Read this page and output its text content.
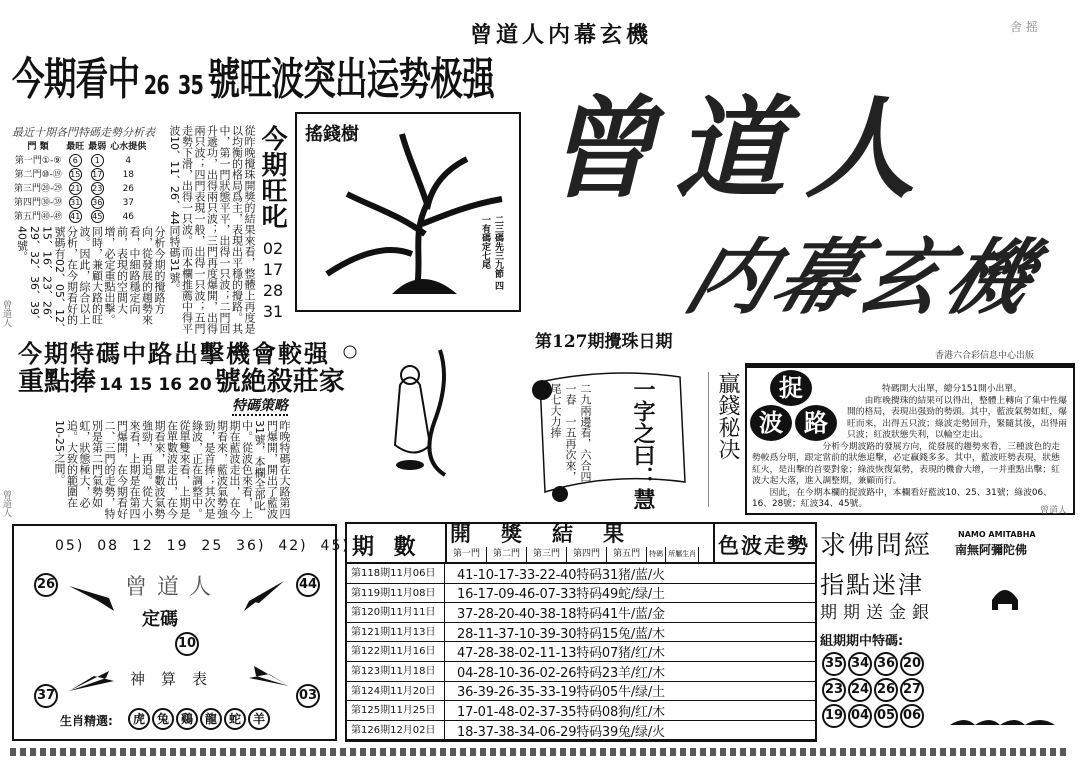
曾道人内幕玄機	舍 摇
今期看中 26 35 號旺波突出运势极强
最近十期各門特碼走勢分析表
門 類	最旺	最弱	心水提供
第一門①-⑨	6	1	4
第二門⑩-⑲	15	17	18
第三門⑳-㉙	21	23	26
第四門㉚-㊴	31	36	37
第五門㊵-㊾	41	45	46	從昨晚攪珠開獎的結果來看，整體上再度是以均衡的格局爲主，表現出平穩的攪路。其中，第一門狀態平平，出得一只波；二門回升遞功，出得兩只波；三門再度爆開，出得兩只波；四門表現一般，出得一只波；五門走勢下滑，出得一只波。而本欄推薦中得平波10、11、26、44同特碼31號。
分析今期的攪路方向，從發展的趨勢來看，中細路穩定向前，表現的空間大增，必定重點出擊。同時，兼顧大路的旺波。因此，綜合以上分析，在今期看好的號碼有02、05、12、15、16、23、26、29、32、36、39、40號。
曾道人
今期旺叱
02
17
28
31
搖錢樹
二三碼先三九節 四一有碼定七尾
曾道人
内幕玄機
第127期攪珠日期
香港六合彩信息中心出版
今期特碼中路出擊機會較强
重點捧 14 15 16 20 號絶殺莊家
特碼策略
昨晚特碼在大路第四門爆開，開出了藍波31號，本欄全部叱中。從波色來看，上期在藍波走出，在今期看來，藍波氣勢強勁，是首捧；其次是綠波，正在調整中。從單雙來看，上期是在單數波走出，在今期看來，單數波氣勢強勁，再追。從大小來看，上期是在第四門爆開，在今期看好二、三門的走勢，特別是第二門氣勢如虹，狀態極大，必追。大致的範圍在10-25之間。
曾道人
二九兩邊看，六合四一春　一五再次來，尾七大力捧	一字之曰：慧	贏錢秘决	捉
波 路

特碼開大出單，總分151開小出單。

由昨晚攪珠的結果可以得出，整體上轉向了集中性爆開的格局，表現出强勁的勢頭。其中，藍波氣勢如虹，爆旺而來，出得五只波；綠波走勢回升，緊隨其後，出得兩只波；紅波狀態失利，以輪空走出。

分析今期波路的發展方向，從發展的趨勢來看，三種波色的走勢較爲分明，跟定當前的狀態追擊，必定贏錢多多。其中，藍波旺勢表現，狀態紅火，是出擊的首要對象；綠波恢復氣勢，表現的機會大增，一并重點出擊；紅波大起大落，進入調整期，兼顧而行。

因此，在今期本欄的捉波路中，本欄看好藍波10、25、31號；綠波06、16、28號；紅波34、45號。

曾道人
05)  08 12 19 25 36)  42)  45)
26	44
37	03
曾道人
定碼
10
神算表
生肖精選:	虎 兔 鷄 龍 蛇 羊
期 數
開獎結果	色波走勢
第一門	第二門	第三門	第四門	第五門	特碼 所屬生肖
第118期11月06日	41-10-17-33-22-40特码31猪/蓝/火
第119期11月08日	16-17-09-46-07-33特码49蛇/绿/土
第120期11月11日	37-28-20-40-38-18特码41牛/蓝/金
第121期11月13日	28-11-37-10-39-30特码15兔/蓝/木
第122期11月16日	47-28-38-02-11-13特码07猪/红/木
第123期11月18日	04-28-10-36-02-26特码23羊/红/木
第124期11月20日	36-39-26-35-33-19特码05牛/绿/土
第125期11月25日	17-01-48-02-37-35特码08狗/红/木
第126期12月02日	18-37-38-34-06-29特码39兔/绿/火
求佛問經
指點迷津
期期送金銀
組期期中特碼:
35 34 36 20
23 24 26 27
19 04 05 06
NAMO AMITABHA
南無阿彌陀佛
